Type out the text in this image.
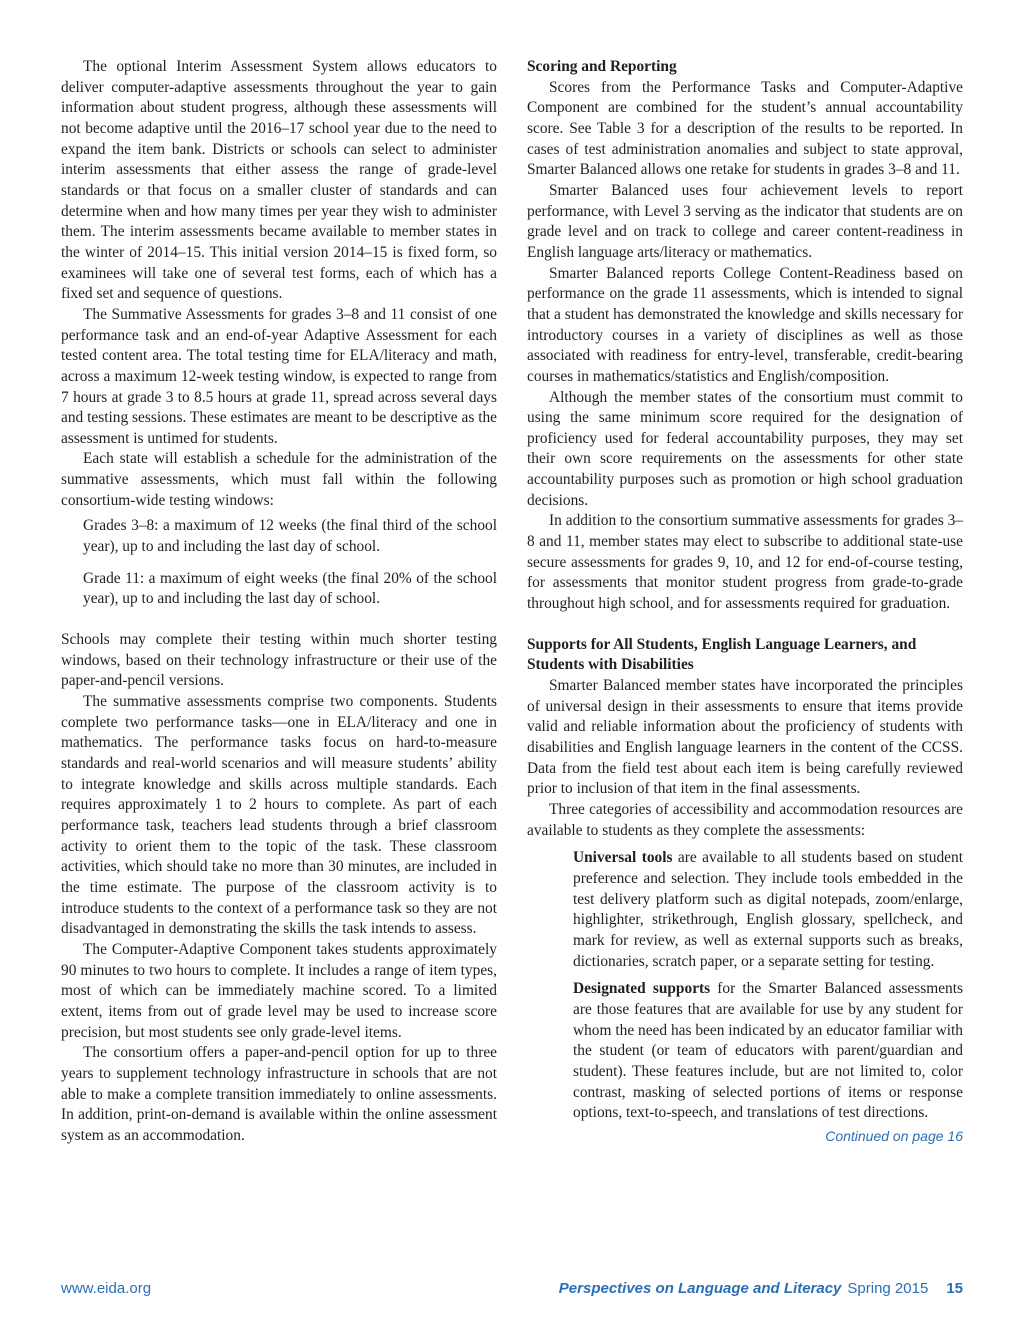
The optional Interim Assessment System allows educators to deliver computer-adaptive assessments throughout the year to gain information about student progress, although these assessments will not become adaptive until the 2016–17 school year due to the need to expand the item bank. Districts or schools can select to administer interim assessments that either assess the range of grade-level standards or that focus on a smaller cluster of standards and can determine when and how many times per year they wish to administer them. The interim assessments became available to member states in the winter of 2014–15. This initial version 2014–15 is fixed form, so examinees will take one of several test forms, each of which has a fixed set and sequence of questions.

The Summative Assessments for grades 3–8 and 11 consist of one performance task and an end-of-year Adaptive Assessment for each tested content area. The total testing time for ELA/literacy and math, across a maximum 12-week testing window, is expected to range from 7 hours at grade 3 to 8.5 hours at grade 11, spread across several days and testing sessions. These estimates are meant to be descriptive as the assessment is untimed for students.

Each state will establish a schedule for the administration of the summative assessments, which must fall within the following consortium-wide testing windows:

Grades 3–8: a maximum of 12 weeks (the final third of the school year), up to and including the last day of school.

Grade 11: a maximum of eight weeks (the final 20% of the school year), up to and including the last day of school.

Schools may complete their testing within much shorter testing windows, based on their technology infrastructure or their use of the paper-and-pencil versions.

The summative assessments comprise two components. Students complete two performance tasks—one in ELA/literacy and one in mathematics. The performance tasks focus on hard-to-measure standards and real-world scenarios and will measure students’ ability to integrate knowledge and skills across multiple standards. Each requires approximately 1 to 2 hours to complete. As part of each performance task, teachers lead students through a brief classroom activity to orient them to the topic of the task. These classroom activities, which should take no more than 30 minutes, are included in the time estimate. The purpose of the classroom activity is to introduce students to the context of a performance task so they are not disadvantaged in demonstrating the skills the task intends to assess.

The Computer-Adaptive Component takes students approximately 90 minutes to two hours to complete. It includes a range of item types, most of which can be immediately machine scored. To a limited extent, items from out of grade level may be used to increase score precision, but most students see only grade-level items.

The consortium offers a paper-and-pencil option for up to three years to supplement technology infrastructure in schools that are not able to make a complete transition immediately to online assessments. In addition, print-on-demand is available within the online assessment system as an accommodation.

Scoring and Reporting

Scores from the Performance Tasks and Computer-Adaptive Component are combined for the student’s annual accountability score. See Table 3 for a description of the results to be reported. In cases of test administration anomalies and subject to state approval, Smarter Balanced allows one retake for students in grades 3–8 and 11.

Smarter Balanced uses four achievement levels to report performance, with Level 3 serving as the indicator that students are on grade level and on track to college and career content-readiness in English language arts/literacy or mathematics.

Smarter Balanced reports College Content-Readiness based on performance on the grade 11 assessments, which is intended to signal that a student has demonstrated the knowledge and skills necessary for introductory courses in a variety of disciplines as well as those associated with readiness for entry-level, transferable, credit-bearing courses in mathematics/statistics and English/composition.

Although the member states of the consortium must commit to using the same minimum score required for the designation of proficiency used for federal accountability purposes, they may set their own score requirements on the assessments for other state accountability purposes such as promotion or high school graduation decisions.

In addition to the consortium summative assessments for grades 3–8 and 11, member states may elect to subscribe to additional state-use secure assessments for grades 9, 10, and 12 for end-of-course testing, for assessments that monitor student progress from grade-to-grade throughout high school, and for assessments required for graduation.

Supports for All Students, English Language Learners, and Students with Disabilities

Smarter Balanced member states have incorporated the principles of universal design in their assessments to ensure that items provide valid and reliable information about the proficiency of students with disabilities and English language learners in the content of the CCSS. Data from the field test about each item is being carefully reviewed prior to inclusion of that item in the final assessments.

Three categories of accessibility and accommodation resources are available to students as they complete the assessments:

Universal tools are available to all students based on student preference and selection. They include tools embedded in the test delivery platform such as digital notepads, zoom/enlarge, highlighter, strikethrough, English glossary, spellcheck, and mark for review, as well as external supports such as breaks, dictionaries, scratch paper, or a separate setting for testing.

Designated supports for the Smarter Balanced assessments are those features that are available for use by any student for whom the need has been indicated by an educator familiar with the student (or team of educators with parent/guardian and student). These features include, but are not limited to, color contrast, masking of selected portions of items or response options, text-to-speech, and translations of test directions.

Continued on page 16
www.eida.org	Perspectives on Language and Literacy Spring 2015 15
